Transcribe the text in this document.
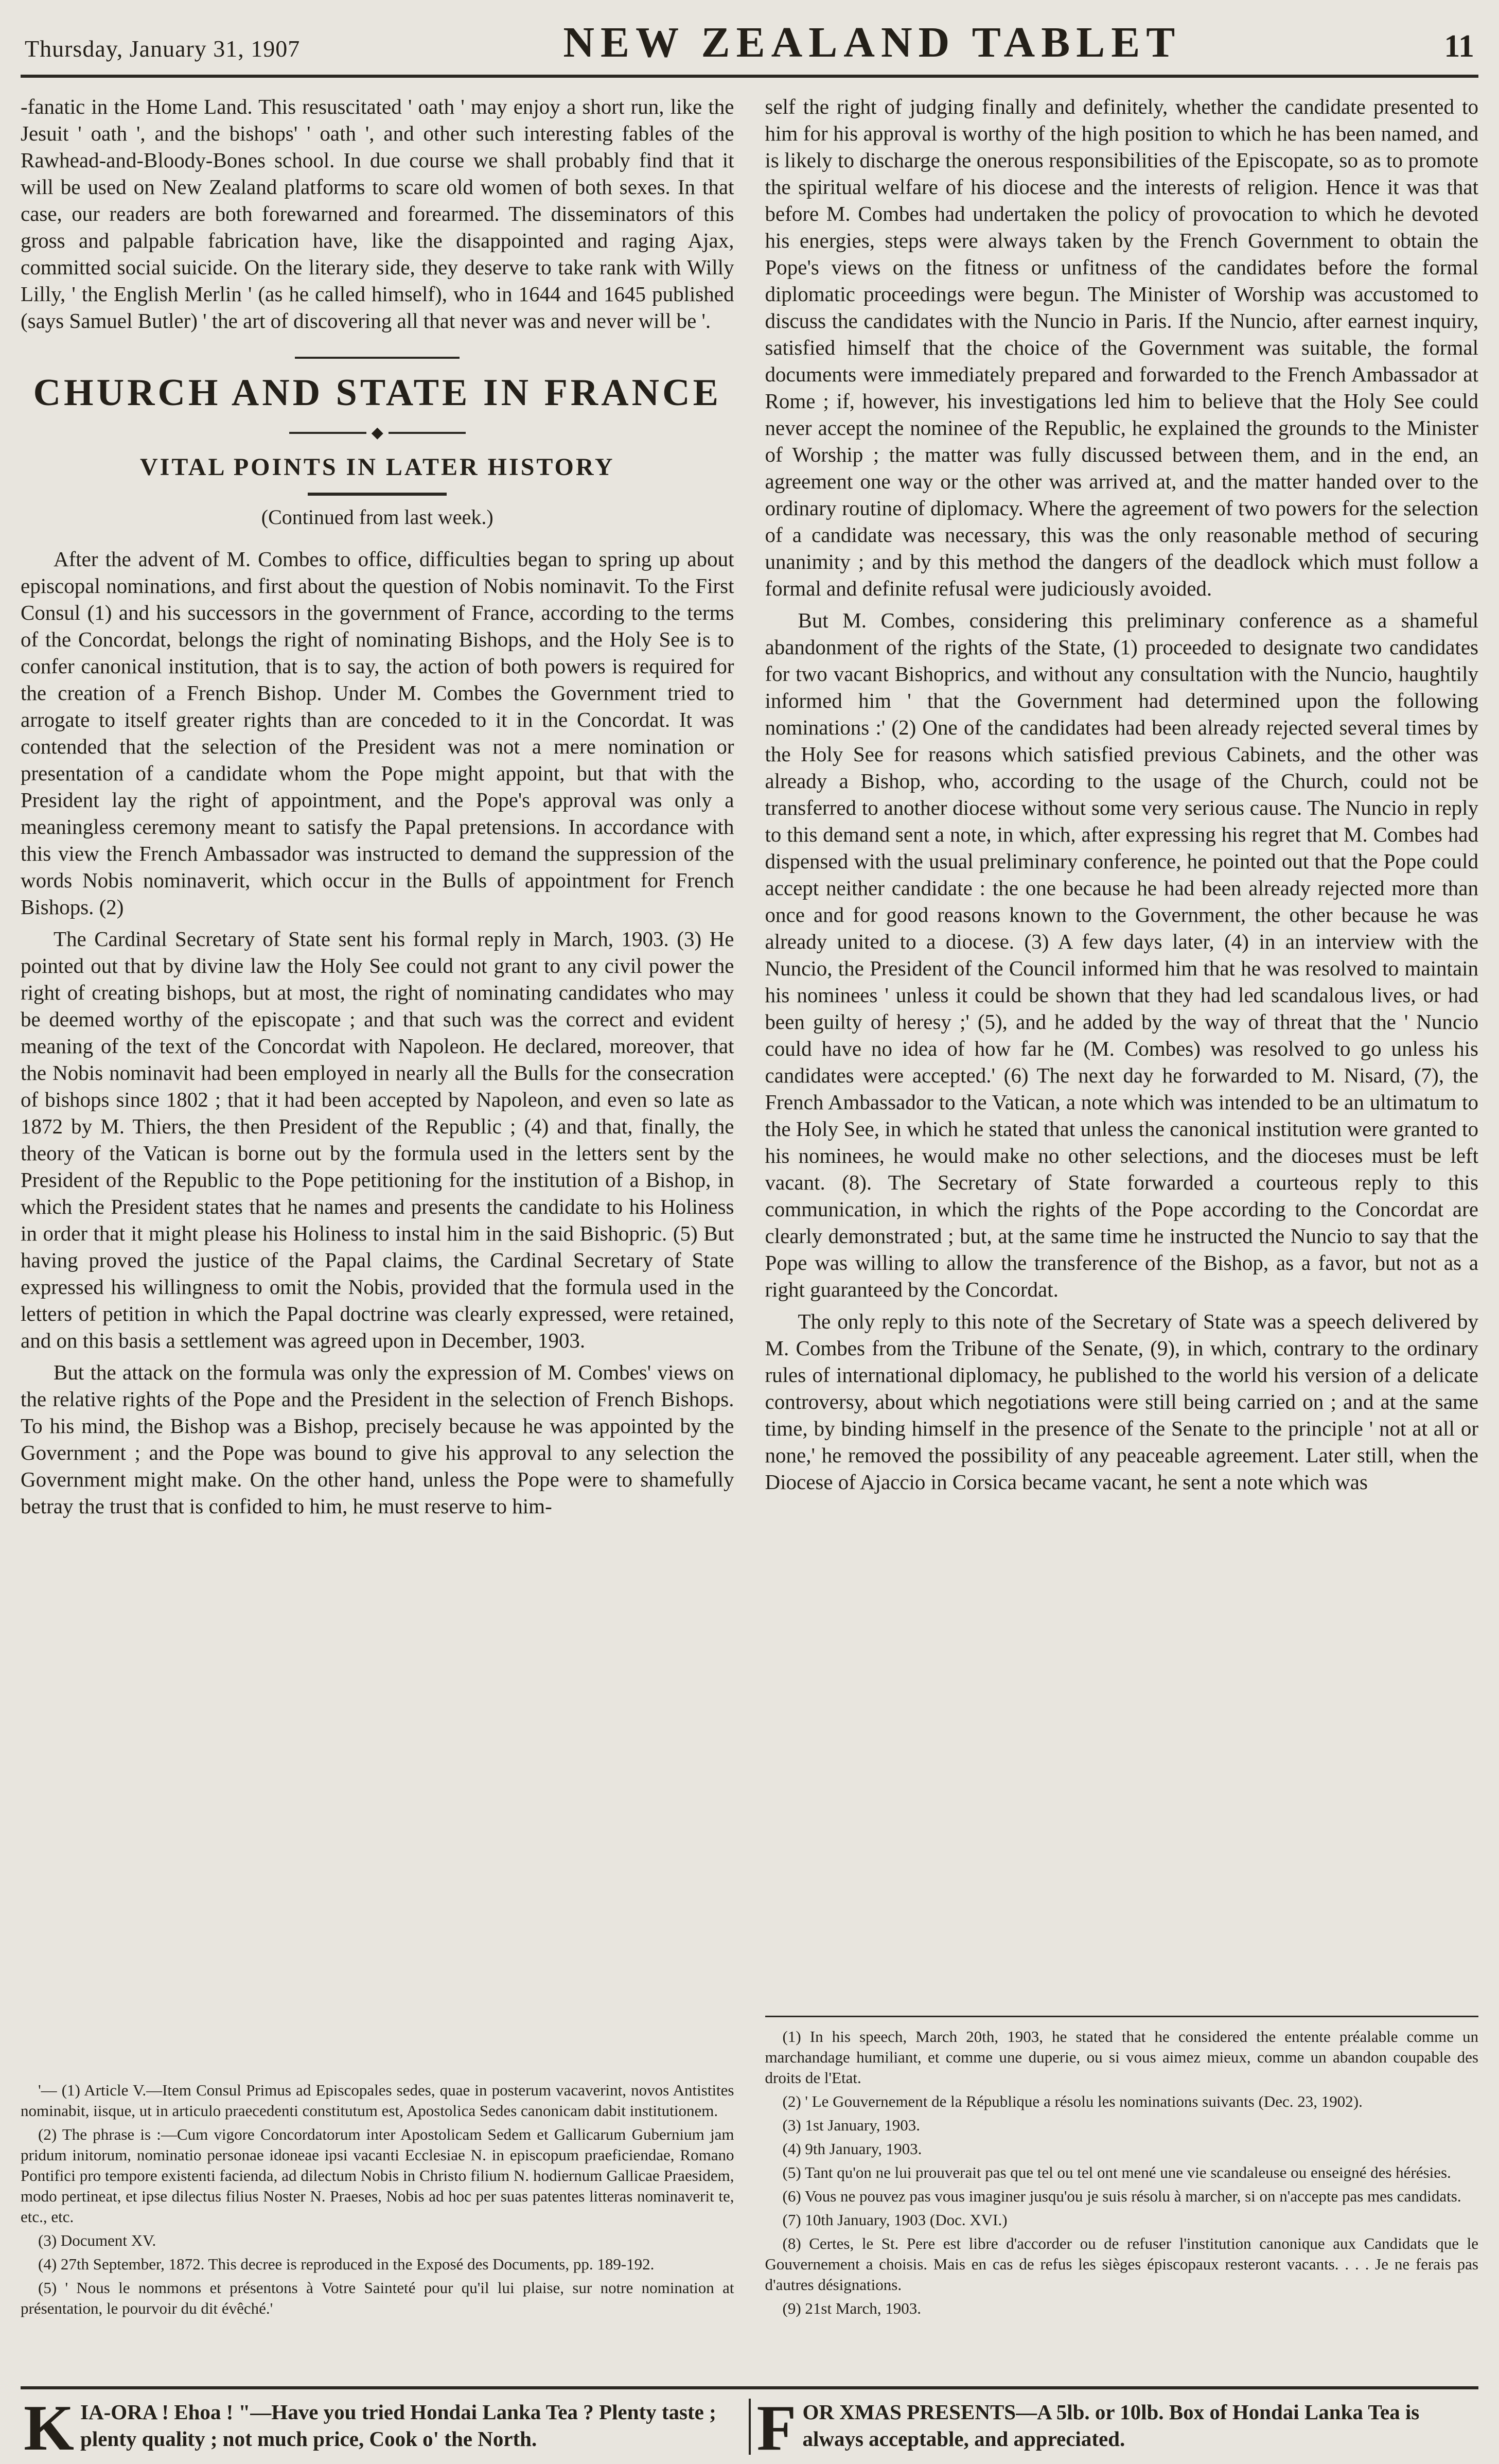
Thursday, January 31, 1907	NEW ZEALAND TABLET	11

-fanatic in the Home Land. This resuscitated ' oath ' may enjoy a short run, like the Jesuit ' oath ', and the bishops' ' oath ', and other such interesting fables of the Rawhead-and-Bloody-Bones school. In due course we shall probably find that it will be used on New Zealand platforms to scare old women of both sexes. In that case, our readers are both forewarned and forearmed. The disseminators of this gross and palpable fabrication have, like the disappointed and raging Ajax, committed social suicide. On the literary side, they deserve to take rank with Willy Lilly, ' the English Merlin ' (as he called himself), who in 1644 and 1645 published (says Samuel Butler) ' the art of discovering all that never was and never will be '.

CHURCH AND STATE IN FRANCE
◆
VITAL POINTS IN LATER HISTORY
(Continued from last week.)

After the advent of M. Combes to office, difficulties began to spring up about episcopal nominations, and first about the question of Nobis nominavit. To the First Consul (1) and his successors in the government of France, according to the terms of the Concordat, belongs the right of nominating Bishops, and the Holy See is to confer canonical institution, that is to say, the action of both powers is required for the creation of a French Bishop. Under M. Combes the Government tried to arrogate to itself greater rights than are conceded to it in the Concordat. It was contended that the selection of the President was not a mere nomination or presentation of a candidate whom the Pope might appoint, but that with the President lay the right of appointment, and the Pope's approval was only a meaningless ceremony meant to satisfy the Papal pretensions. In accordance with this view the French Ambassador was instructed to demand the suppression of the words Nobis nominaverit, which occur in the Bulls of appointment for French Bishops. (2)

The Cardinal Secretary of State sent his formal reply in March, 1903. (3) He pointed out that by divine law the Holy See could not grant to any civil power the right of creating bishops, but at most, the right of nominating candidates who may be deemed worthy of the episcopate ; and that such was the correct and evident meaning of the text of the Concordat with Napoleon. He declared, moreover, that the Nobis nominavit had been employed in nearly all the Bulls for the consecration of bishops since 1802 ; that it had been accepted by Napoleon, and even so late as 1872 by M. Thiers, the then President of the Republic ; (4) and that, finally, the theory of the Vatican is borne out by the formula used in the letters sent by the President of the Republic to the Pope petitioning for the institution of a Bishop, in which the President states that he names and presents the candidate to his Holiness in order that it might please his Holiness to instal him in the said Bishopric. (5) But having proved the justice of the Papal claims, the Cardinal Secretary of State expressed his willingness to omit the Nobis, provided that the formula used in the letters of petition in which the Papal doctrine was clearly expressed, were retained, and on this basis a settlement was agreed upon in December, 1903.

But the attack on the formula was only the expression of M. Combes' views on the relative rights of the Pope and the President in the selection of French Bishops. To his mind, the Bishop was a Bishop, precisely because he was appointed by the Government ; and the Pope was bound to give his approval to any selection the Government might make. On the other hand, unless the Pope were to shamefully betray the trust that is confided to him, he must reserve to him-

'— (1) Article V.—Item Consul Primus ad Episcopales sedes, quae in posterum vacaverint, novos Antistites nominabit, iisque, ut in articulo praecedenti constitutum est, Apostolica Sedes canonicam dabit institutionem.

(2) The phrase is :—Cum vigore Concordatorum inter Apostolicam Sedem et Gallicarum Gubernium jam pridum initorum, nominatio personae idoneae ipsi vacanti Ecclesiae N. in episcopum praeficiendae, Romano Pontifici pro tempore existenti facienda, ad dilectum Nobis in Christo filium N. hodiernum Gallicae Praesidem, modo pertineat, et ipse dilectus filius Noster N. Praeses, Nobis ad hoc per suas patentes litteras nominaverit te, etc., etc.

(3) Document XV.

(4) 27th September, 1872. This decree is reproduced in the Exposé des Documents, pp. 189-192.

(5) ' Nous le nommons et présentons à Votre Sainteté pour qu'il lui plaise, sur notre nomination at présentation, le pourvoir du dit évêché.'

self the right of judging finally and definitely, whether the candidate presented to him for his approval is worthy of the high position to which he has been named, and is likely to discharge the onerous responsibilities of the Episcopate, so as to promote the spiritual welfare of his diocese and the interests of religion. Hence it was that before M. Combes had undertaken the policy of provocation to which he devoted his energies, steps were always taken by the French Government to obtain the Pope's views on the fitness or unfitness of the candidates before the formal diplomatic proceedings were begun. The Minister of Worship was accustomed to discuss the candidates with the Nuncio in Paris. If the Nuncio, after earnest inquiry, satisfied himself that the choice of the Government was suitable, the formal documents were immediately prepared and forwarded to the French Ambassador at Rome ; if, however, his investigations led him to believe that the Holy See could never accept the nominee of the Republic, he explained the grounds to the Minister of Worship ; the matter was fully discussed between them, and in the end, an agreement one way or the other was arrived at, and the matter handed over to the ordinary routine of diplomacy. Where the agreement of two powers for the selection of a candidate was necessary, this was the only reasonable method of securing unanimity ; and by this method the dangers of the deadlock which must follow a formal and definite refusal were judiciously avoided.

But M. Combes, considering this preliminary conference as a shameful abandonment of the rights of the State, (1) proceeded to designate two candidates for two vacant Bishoprics, and without any consultation with the Nuncio, haughtily informed him ' that the Government had determined upon the following nominations :' (2) One of the candidates had been already rejected several times by the Holy See for reasons which satisfied previous Cabinets, and the other was already a Bishop, who, according to the usage of the Church, could not be transferred to another diocese without some very serious cause. The Nuncio in reply to this demand sent a note, in which, after expressing his regret that M. Combes had dispensed with the usual preliminary conference, he pointed out that the Pope could accept neither candidate : the one because he had been already rejected more than once and for good reasons known to the Government, the other because he was already united to a diocese. (3) A few days later, (4) in an interview with the Nuncio, the President of the Council informed him that he was resolved to maintain his nominees ' unless it could be shown that they had led scandalous lives, or had been guilty of heresy ;' (5), and he added by the way of threat that the ' Nuncio could have no idea of how far he (M. Combes) was resolved to go unless his candidates were accepted.' (6) The next day he forwarded to M. Nisard, (7), the French Ambassador to the Vatican, a note which was intended to be an ultimatum to the Holy See, in which he stated that unless the canonical institution were granted to his nominees, he would make no other selections, and the dioceses must be left vacant. (8). The Secretary of State forwarded a courteous reply to this communication, in which the rights of the Pope according to the Concordat are clearly demonstrated ; but, at the same time he instructed the Nuncio to say that the Pope was willing to allow the transference of the Bishop, as a favor, but not as a right guaranteed by the Concordat.

The only reply to this note of the Secretary of State was a speech delivered by M. Combes from the Tribune of the Senate, (9), in which, contrary to the ordinary rules of international diplomacy, he published to the world his version of a delicate controversy, about which negotiations were still being carried on ; and at the same time, by binding himself in the presence of the Senate to the principle ' not at all or none,' he removed the possibility of any peaceable agreement. Later still, when the Diocese of Ajaccio in Corsica became vacant, he sent a note which was

(1) In his speech, March 20th, 1903, he stated that he considered the entente préalable comme un marchandage humiliant, et comme une duperie, ou si vous aimez mieux, comme un abandon coupable des droits de l'Etat.

(2) ' Le Gouvernement de la République a résolu les nominations suivants (Dec. 23, 1902).

(3) 1st January, 1903.

(4) 9th January, 1903.

(5) Tant qu'on ne lui prouverait pas que tel ou tel ont mené une vie scandaleuse ou enseigné des hérésies.

(6) Vous ne pouvez pas vous imaginer jusqu'ou je suis résolu à marcher, si on n'accepte pas mes candidats.

(7) 10th January, 1903 (Doc. XVI.)

(8) Certes, le St. Pere est libre d'accorder ou de refuser l'institution canonique aux Candidats que le Gouvernement a choisis. Mais en cas de refus les sièges épiscopaux resteront vacants. . . . Je ne ferais pas d'autres désignations.

(9) 21st March, 1903.

K IA-ORA ! Ehoa ! "—Have you tried Hondai Lanka Tea ? Plenty taste ; plenty quality ; not much price, Cook o' the North.	F OR XMAS PRESENTS—A 5lb. or 10lb. Box of Hondai Lanka Tea is always acceptable, and appreciated.
